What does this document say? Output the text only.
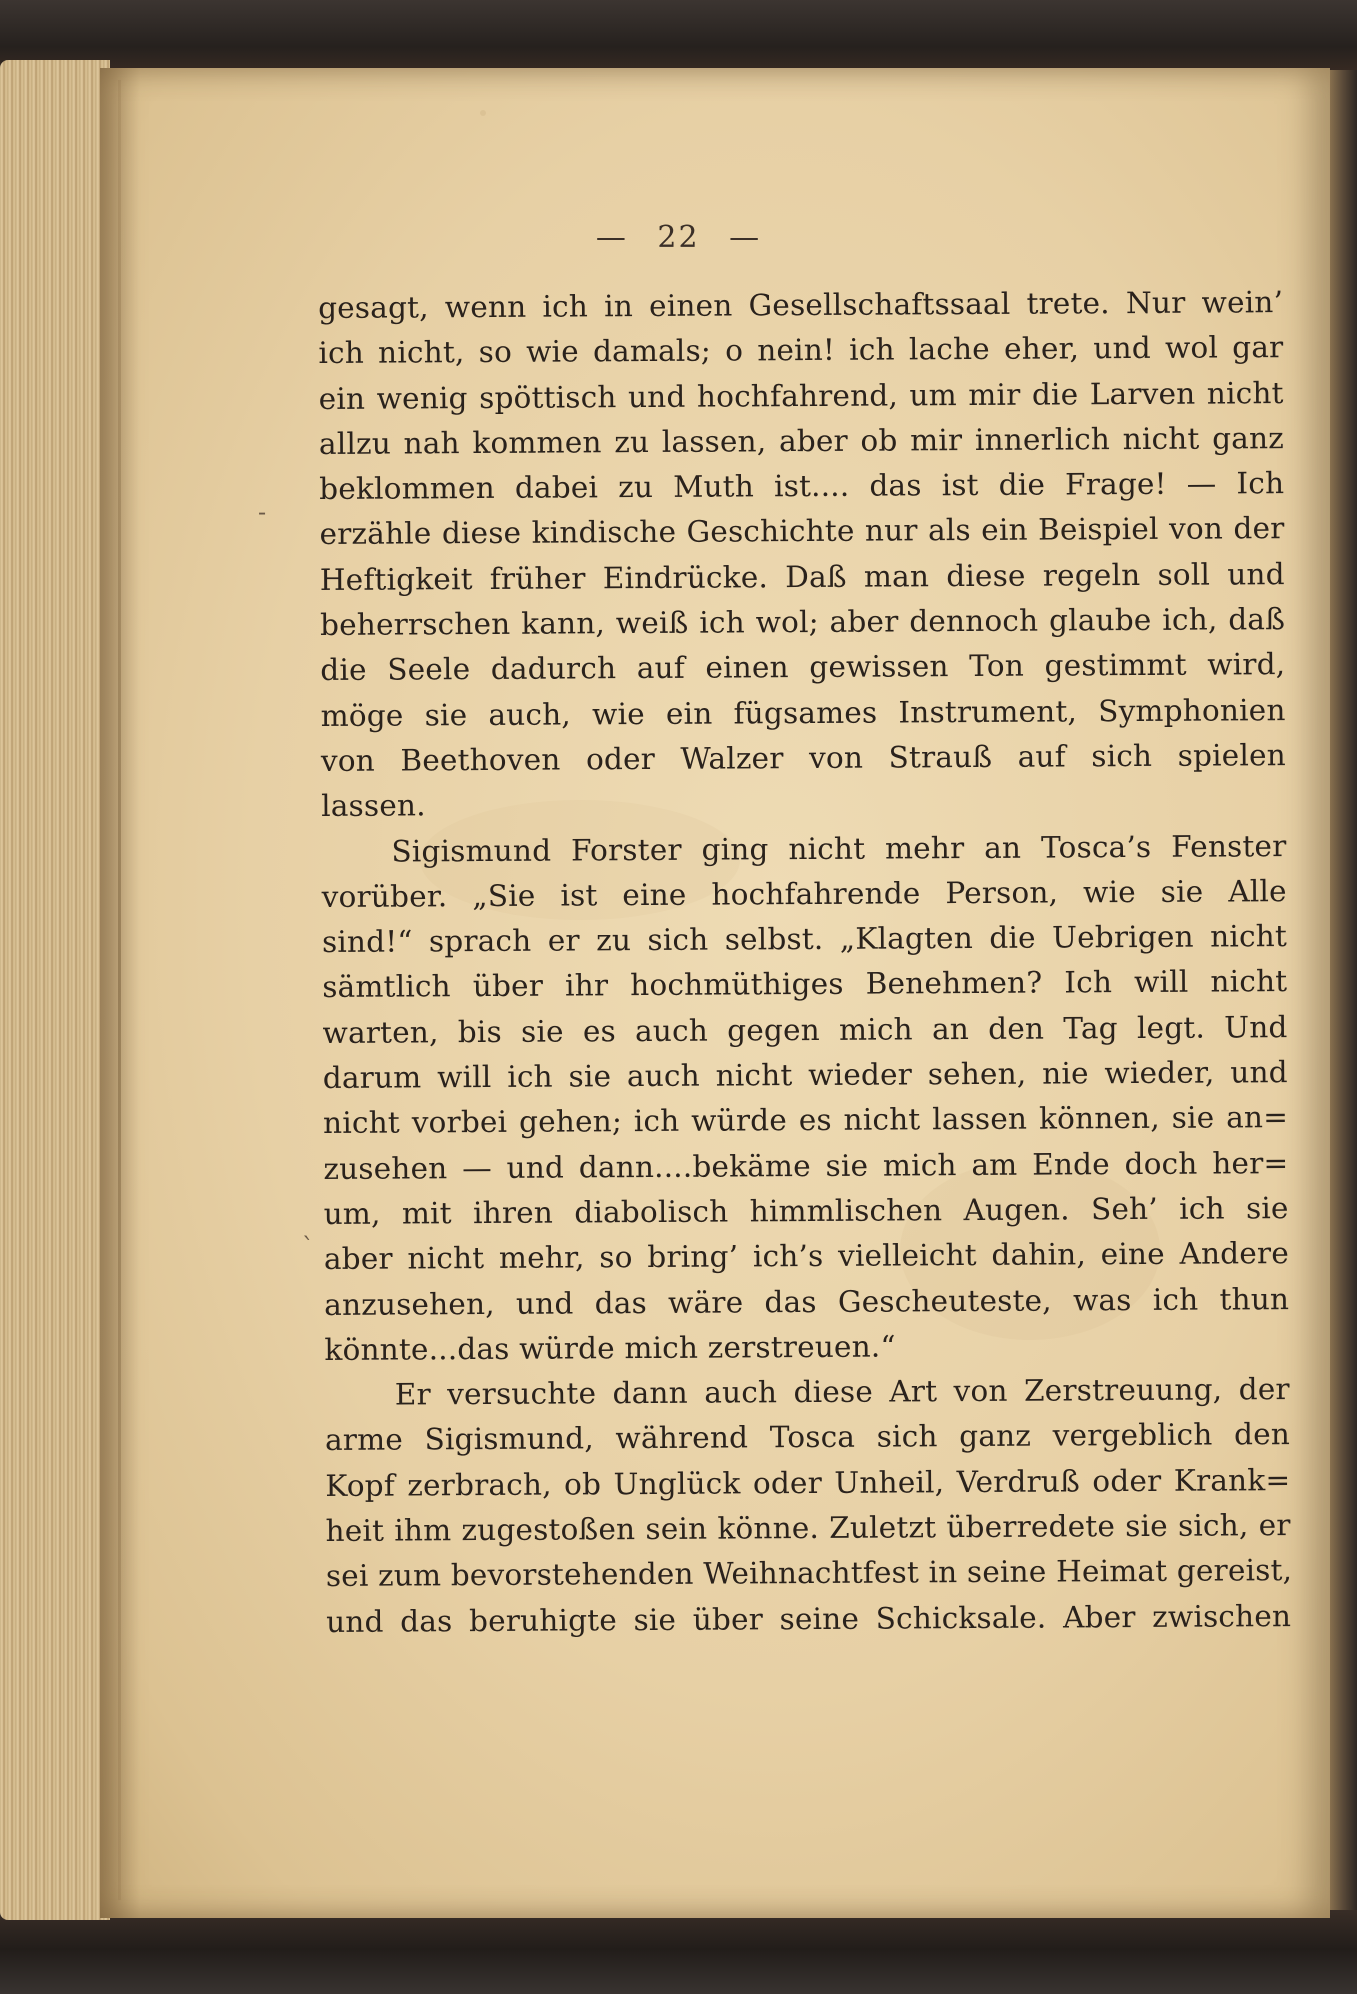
— 22 —
-
`
gesagt, wenn ich in einen Gesellschaftssaal trete. Nur wein’
ich nicht, so wie damals; o nein! ich lache eher, und wol gar
ein wenig spöttisch und hochfahrend, um mir die Larven nicht
allzu nah kommen zu lassen, aber ob mir innerlich nicht ganz
beklommen dabei zu Muth ist.... das ist die Frage! — Ich
erzähle diese kindische Geschichte nur als ein Beispiel von der
Heftigkeit früher Eindrücke. Daß man diese regeln soll und
beherrschen kann, weiß ich wol; aber dennoch glaube ich, daß
die Seele dadurch auf einen gewissen Ton gestimmt wird,
möge sie auch, wie ein fügsames Instrument, Symphonien
von Beethoven oder Walzer von Strauß auf sich spielen
lassen.
Sigismund Forster ging nicht mehr an Tosca’s Fenster
vorüber. „Sie ist eine hochfahrende Person, wie sie Alle
sind!“ sprach er zu sich selbst. „Klagten die Uebrigen nicht
sämtlich über ihr hochmüthiges Benehmen? Ich will nicht
warten, bis sie es auch gegen mich an den Tag legt. Und
darum will ich sie auch nicht wieder sehen, nie wieder, und
nicht vorbei gehen; ich würde es nicht lassen können, sie an=
zusehen — und dann....bekäme sie mich am Ende doch her=
um, mit ihren diabolisch himmlischen Augen. Seh’ ich sie
aber nicht mehr, so bring’ ich’s vielleicht dahin, eine Andere
anzusehen, und das wäre das Gescheuteste, was ich thun
könnte...das würde mich zerstreuen.“
Er versuchte dann auch diese Art von Zerstreuung, der
arme Sigismund, während Tosca sich ganz vergeblich den
Kopf zerbrach, ob Unglück oder Unheil, Verdruß oder Krank=
heit ihm zugestoßen sein könne. Zuletzt überredete sie sich, er
sei zum bevorstehenden Weihnachtfest in seine Heimat gereist,
und das beruhigte sie über seine Schicksale. Aber zwischen
